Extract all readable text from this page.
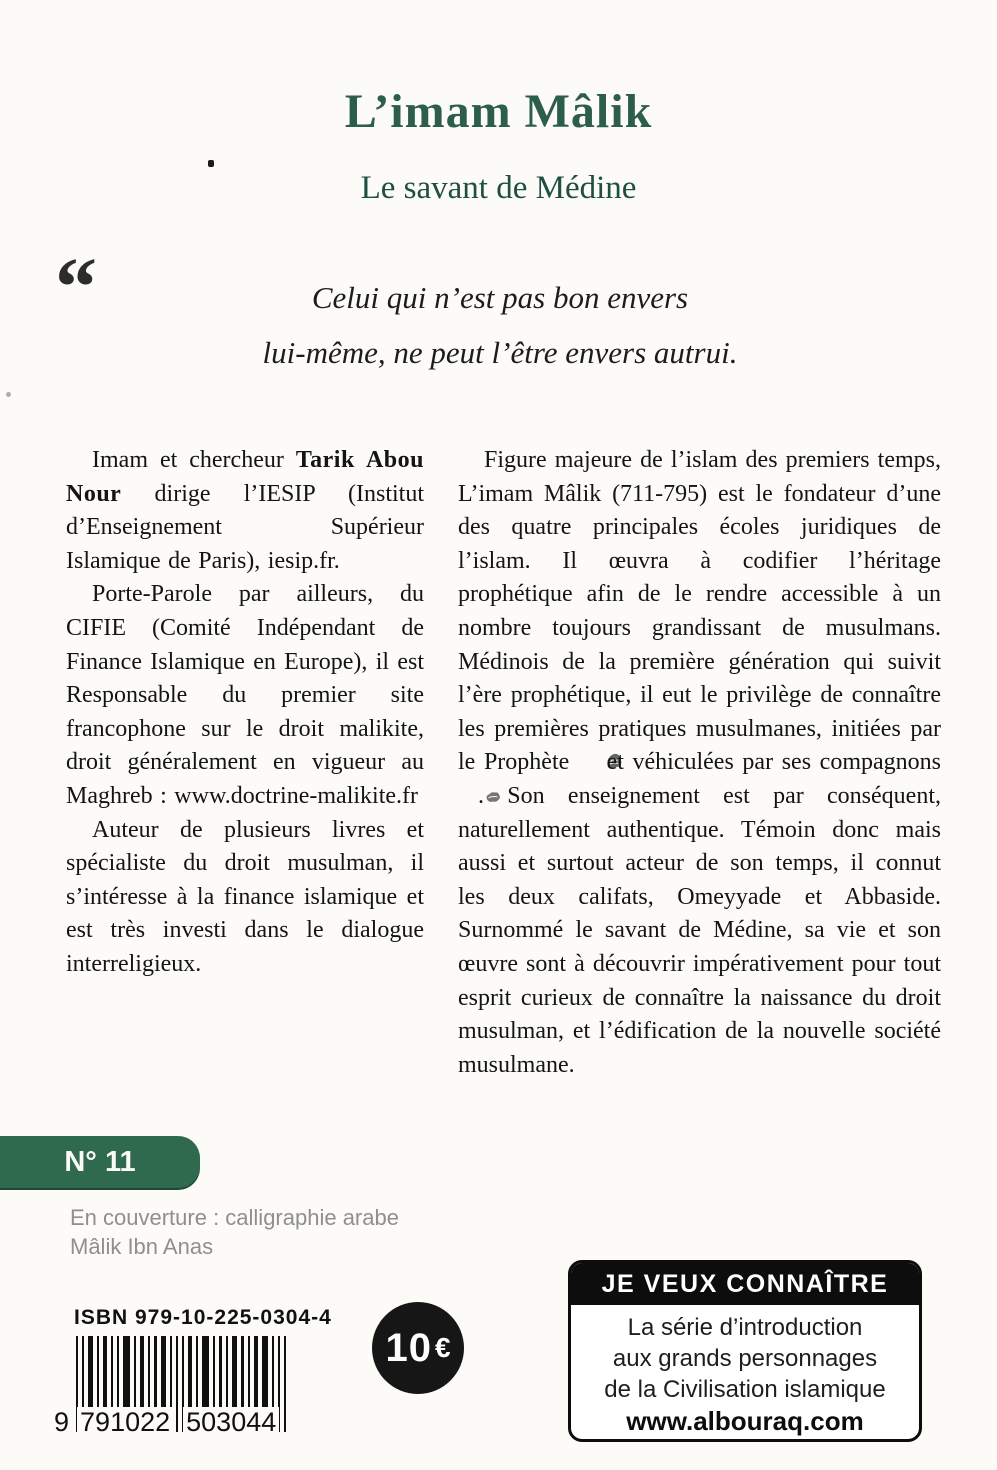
L’imam Mâlik
Le savant de Médine
“	Celui qui n’est pas bon envers
lui-même, ne peut l’être envers autrui.

Imam et chercheur Tarik Abou Nour dirige l’IESIP (Institut d’Enseignement Supérieur Islamique de Paris), iesip.fr.

Porte-Parole par ailleurs, du CIFIE (Comité Indépendant de Finance Islamique en Europe), il est Responsable du premier site francophone sur le droit malikite, droit généralement en vigueur au Maghreb : www.doctrine-malikite.fr

Auteur de plusieurs livres et spécialiste du droit musulman, il s’intéresse à la finance islamique et est très investi dans le dialogue interreligieux.

Figure majeure de l’islam des premiers temps, L’imam Mâlik (711-795) est le fondateur d’une des quatre principales écoles juridiques de l’islam. Il œuvra à codifier l’héritage prophétique afin de le rendre accessible à un nombre toujours grandissant de musulmans. Médinois de la première génération qui suivit l’ère prophétique, il eut le privilège de connaître les premières pratiques musulmanes, initiées par le Prophète  et véhiculées par ses compagnons . Son enseignement est par conséquent, naturellement authentique. Témoin donc mais aussi et surtout acteur de son temps, il connut les deux califats, Omeyyade et Abbaside. Surnommé le savant de Médine, sa vie et son œuvre sont à découvrir impérativement pour tout esprit curieux de connaître la naissance du droit musulman, et l’édification de la nouvelle société musulmane.

N° 11
En couverture : calligraphie arabe
Mâlik Ibn Anas
ISBN 979-10-225-0304-4
9 791022 503044
10 €
JE VEUX CONNAÎTRE
La série d’introduction
aux grands personnages
de la Civilisation islamique
www.albouraq.com
